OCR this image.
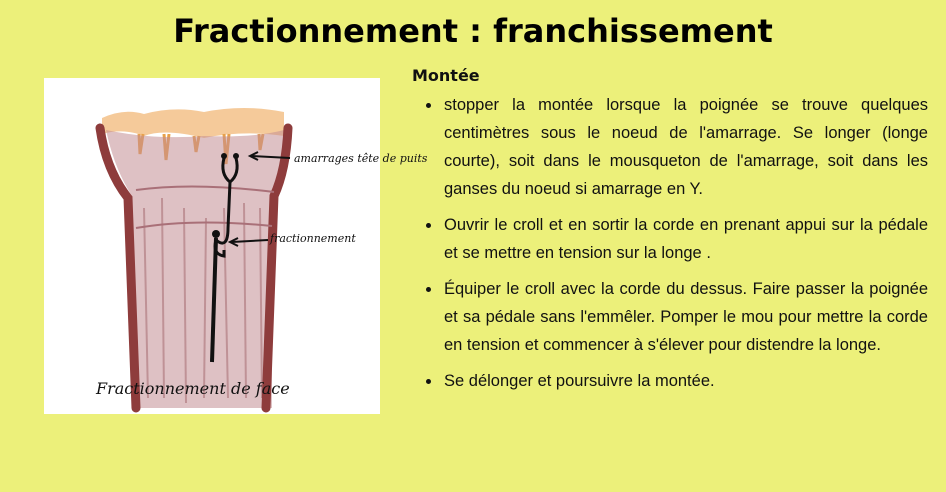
Fractionnement : franchissement
amarrages tête de puits
fractionnement
Fractionnement de face
Montée
stopper la montée lorsque la poignée se trouve quelques centimètres sous le noeud de l'amarrage. Se longer (longe courte), soit dans le mousqueton de l'amarrage, soit dans les ganses du noeud si amarrage en Y.
Ouvrir le croll et en sortir la corde en prenant appui sur la pédale et se mettre en tension sur la longe .
Équiper le croll avec la corde du dessus. Faire passer la poignée et sa pédale sans l'emmêler. Pomper le mou pour mettre la corde en tension et commencer à s'élever pour distendre la longe.
Se délonger et poursuivre la montée.
